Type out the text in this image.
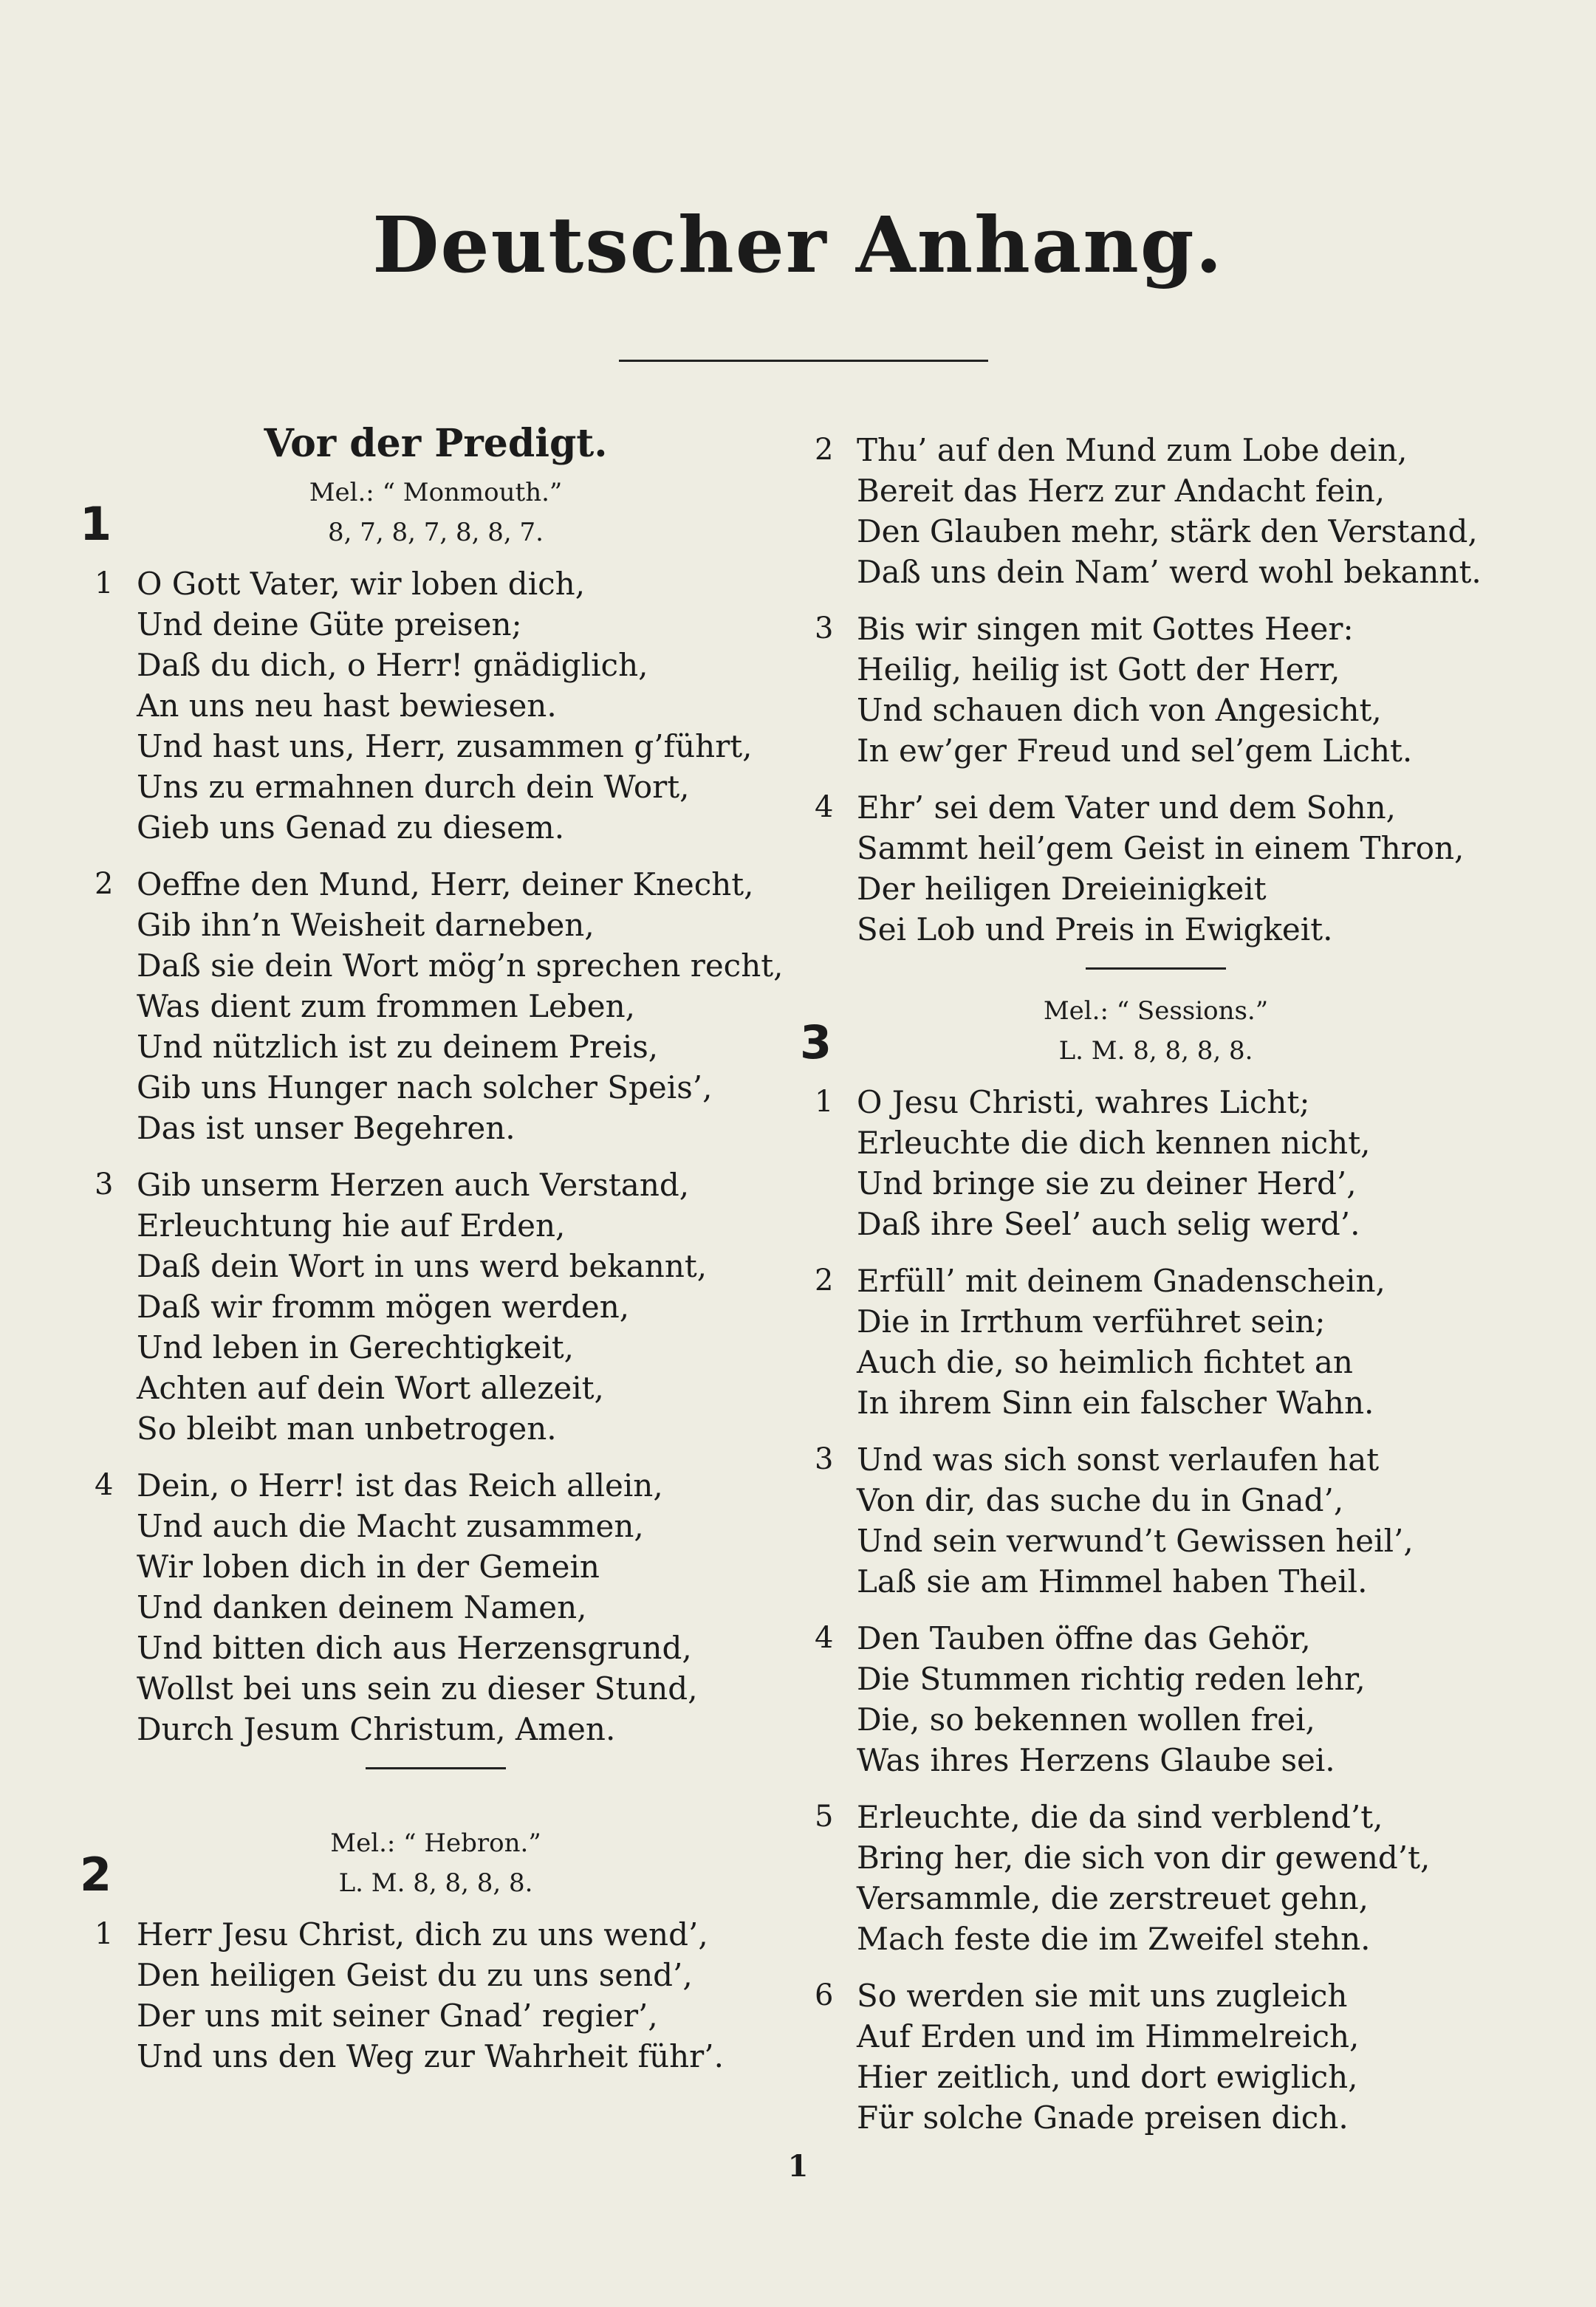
Deutscher Anhang.
Vor der Predigt.
Mel.: “ Monmouth.”
1	8, 7, 8, 7, 8, 8, 7.
1 O Gott Vater, wir loben dich,
Und deine Güte preisen;
Daß du dich, o Herr! gnädiglich,
An uns neu hast bewiesen.
Und hast uns, Herr, zusammen g’führt,
Uns zu ermahnen durch dein Wort,
Gieb uns Genad zu diesem.
2 Oeffne den Mund, Herr, deiner Knecht,
Gib ihn’n Weisheit darneben,
Daß sie dein Wort mög’n sprechen recht,
Was dient zum frommen Leben,
Und nützlich ist zu deinem Preis,
Gib uns Hunger nach solcher Speis’,
Das ist unser Begehren.
3 Gib unserm Herzen auch Verstand,
Erleuchtung hie auf Erden,
Daß dein Wort in uns werd bekannt,
Daß wir fromm mögen werden,
Und leben in Gerechtigkeit,
Achten auf dein Wort allezeit,
So bleibt man unbetrogen.
4 Dein, o Herr! ist das Reich allein,
Und auch die Macht zusammen,
Wir loben dich in der Gemein
Und danken deinem Namen,
Und bitten dich aus Herzensgrund,
Wollst bei uns sein zu dieser Stund,
Durch Jesum Christum, Amen.
Mel.: “ Hebron.”
2	L. M. 8, 8, 8, 8.
1 Herr Jesu Christ, dich zu uns wend’,
Den heiligen Geist du zu uns send’,
Der uns mit seiner Gnad’ regier’,
Und uns den Weg zur Wahrheit führ’.
2 Thu’ auf den Mund zum Lobe dein,
Bereit das Herz zur Andacht fein,
Den Glauben mehr, stärk den Verstand,
Daß uns dein Nam’ werd wohl bekannt.
3 Bis wir singen mit Gottes Heer:
Heilig, heilig ist Gott der Herr,
Und schauen dich von Angesicht,
In ew’ger Freud und sel’gem Licht.
4 Ehr’ sei dem Vater und dem Sohn,
Sammt heil’gem Geist in einem Thron,
Der heiligen Dreieinigkeit
Sei Lob und Preis in Ewigkeit.
Mel.: “ Sessions.”
3	L. M. 8, 8, 8, 8.
1 O Jesu Christi, wahres Licht;
Erleuchte die dich kennen nicht,
Und bringe sie zu deiner Herd’,
Daß ihre Seel’ auch selig werd’.
2 Erfüll’ mit deinem Gnadenschein,
Die in Irrthum verführet sein;
Auch die, so heimlich fichtet an
In ihrem Sinn ein falscher Wahn.
3 Und was sich sonst verlaufen hat
Von dir, das suche du in Gnad’,
Und sein verwund’t Gewissen heil’,
Laß sie am Himmel haben Theil.
4 Den Tauben öffne das Gehör,
Die Stummen richtig reden lehr,
Die, so bekennen wollen frei,
Was ihres Herzens Glaube sei.
5 Erleuchte, die da sind verblend’t,
Bring her, die sich von dir gewend’t,
Versammle, die zerstreuet gehn,
Mach feste die im Zweifel stehn.
6 So werden sie mit uns zugleich
Auf Erden und im Himmelreich,
Hier zeitlich, und dort ewiglich,
Für solche Gnade preisen dich.
1
